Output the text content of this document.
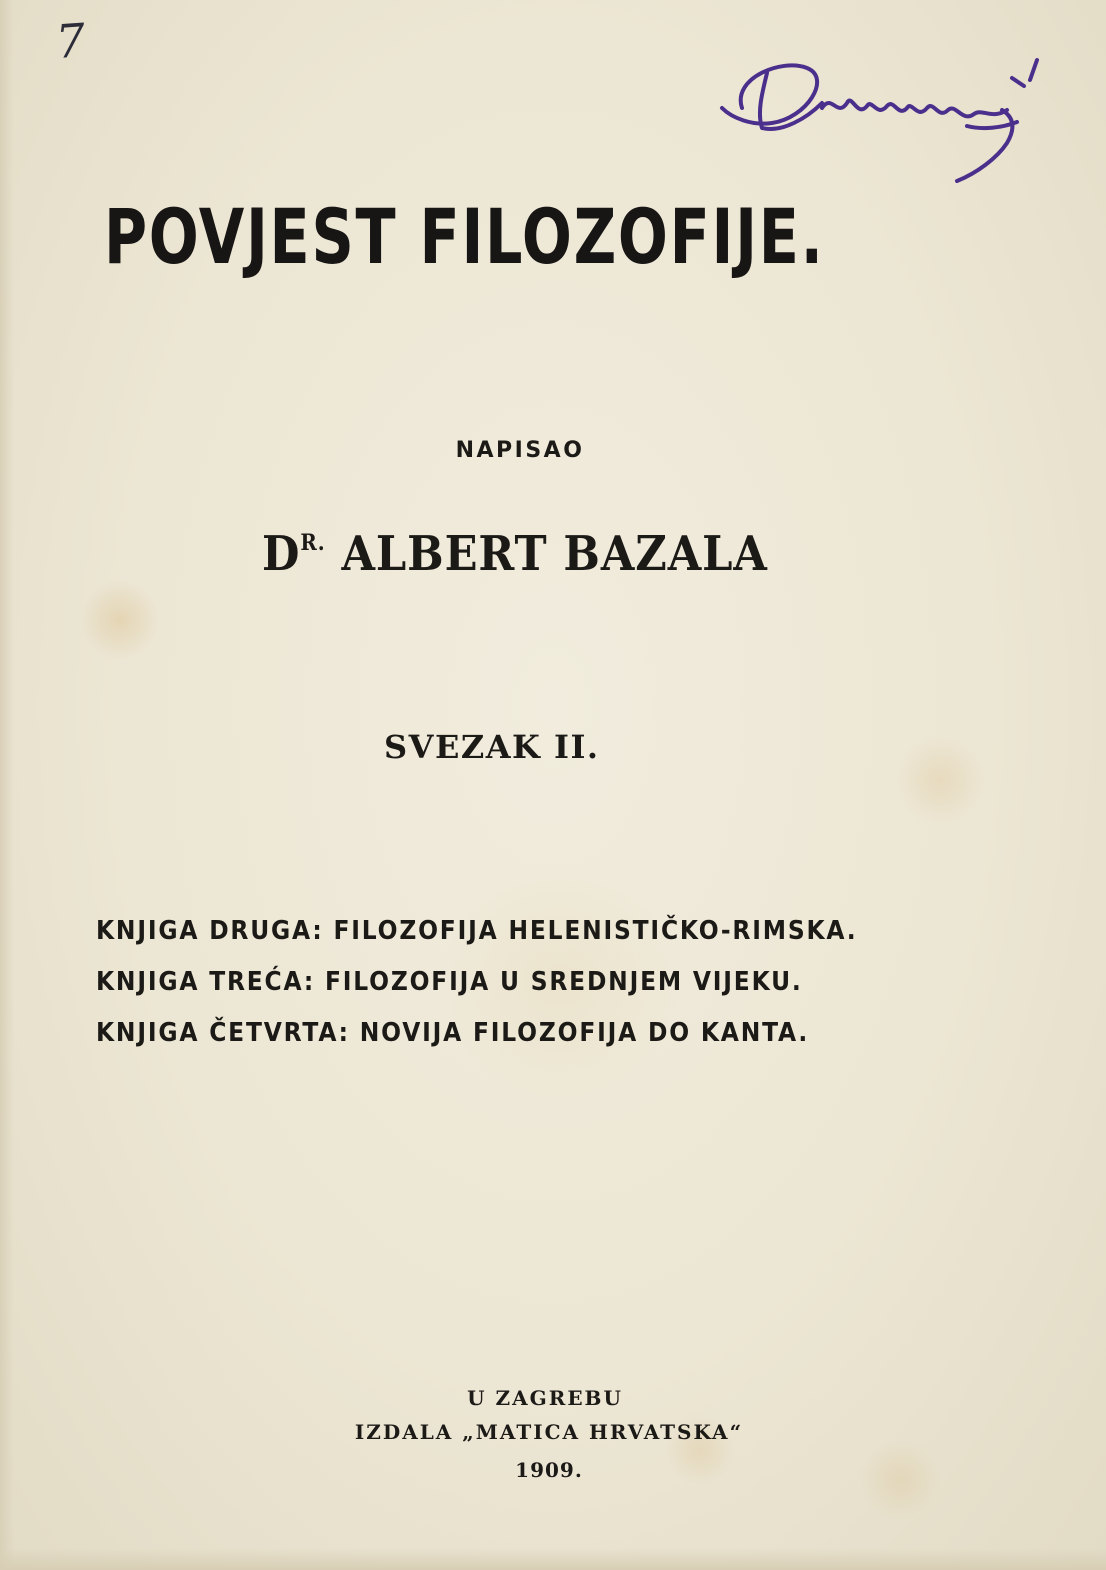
7

POVJEST FILOZOFIJE.
NAPISAO
$D^{R.}$ ALBERT BAZALA
SVEZAK II.
KNJIGA DRUGA: FILOZOFIJA HELENISTIČKO-RIMSKA.
KNJIGA TREĆA: FILOZOFIJA U SREDNJEM VIJEKU.
KNJIGA ČETVRTA: NOVIJA FILOZOFIJA DO KANTA.
U ZAGREBU
IZDALA „MATICA HRVATSKA“
1909.
